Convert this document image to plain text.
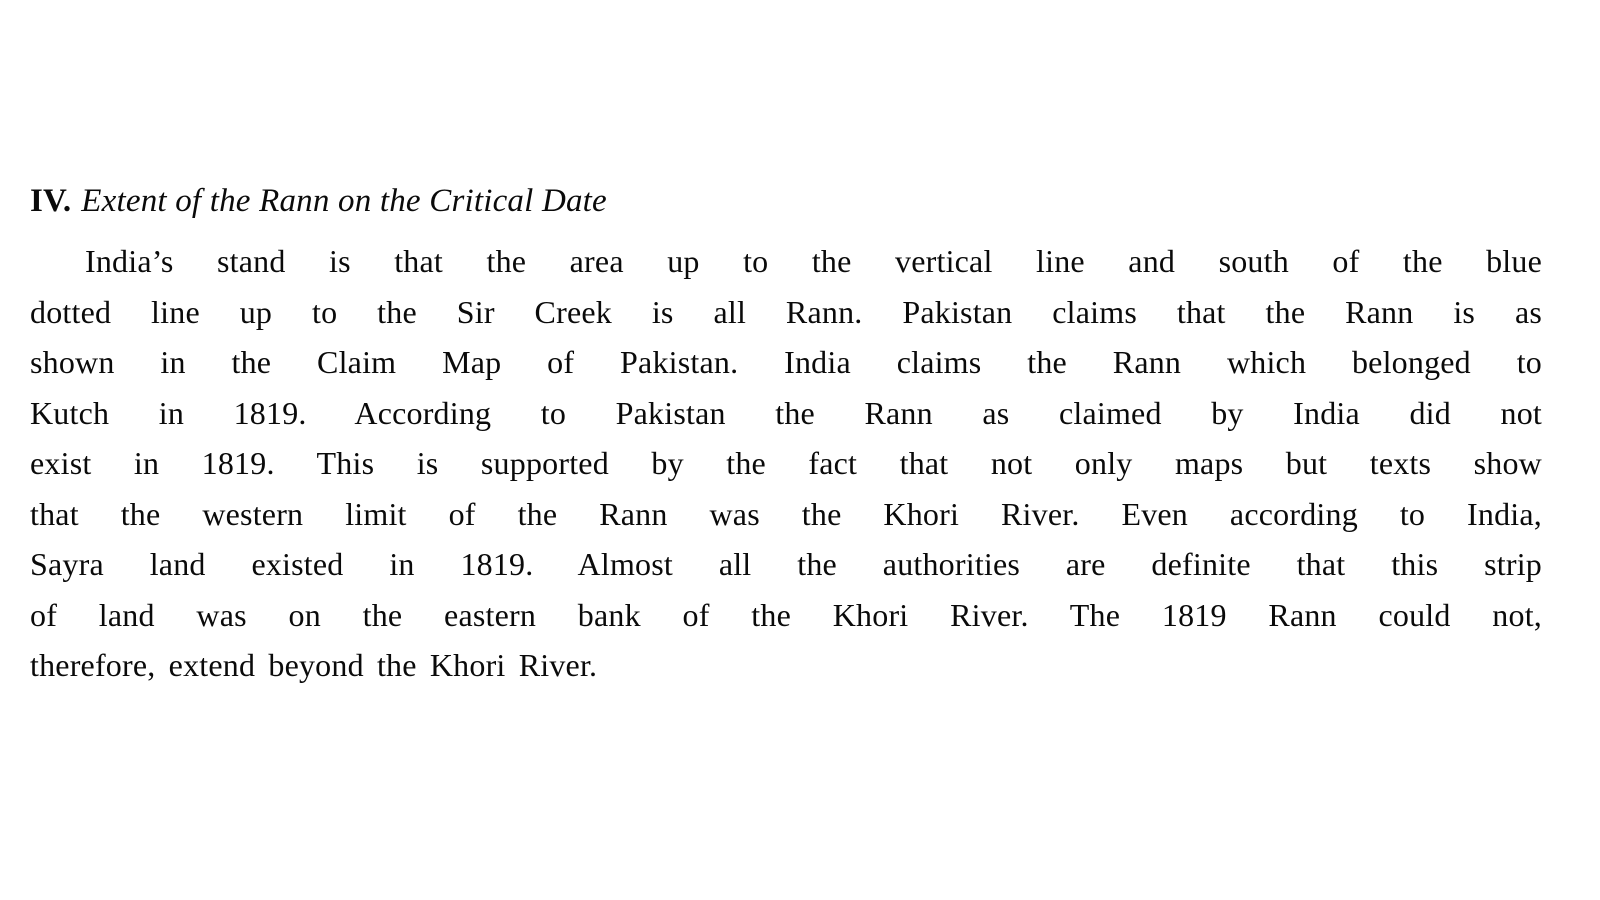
IV. Extent of the Rann on the Critical Date
India’s stand is that the area up to the vertical line and south of the blue
dotted line up to the Sir Creek is all Rann. Pakistan claims that the Rann is as
shown in the Claim Map of Pakistan. India claims the Rann which belonged to
Kutch in 1819. According to Pakistan the Rann as claimed by India did not
exist in 1819. This is supported by the fact that not only maps but texts show
that the western limit of the Rann was the Khori River. Even according to India,
Sayra land existed in 1819. Almost all the authorities are definite that this strip
of land was on the eastern bank of the Khori River. The 1819 Rann could not,
therefore, extend beyond the Khori River.
